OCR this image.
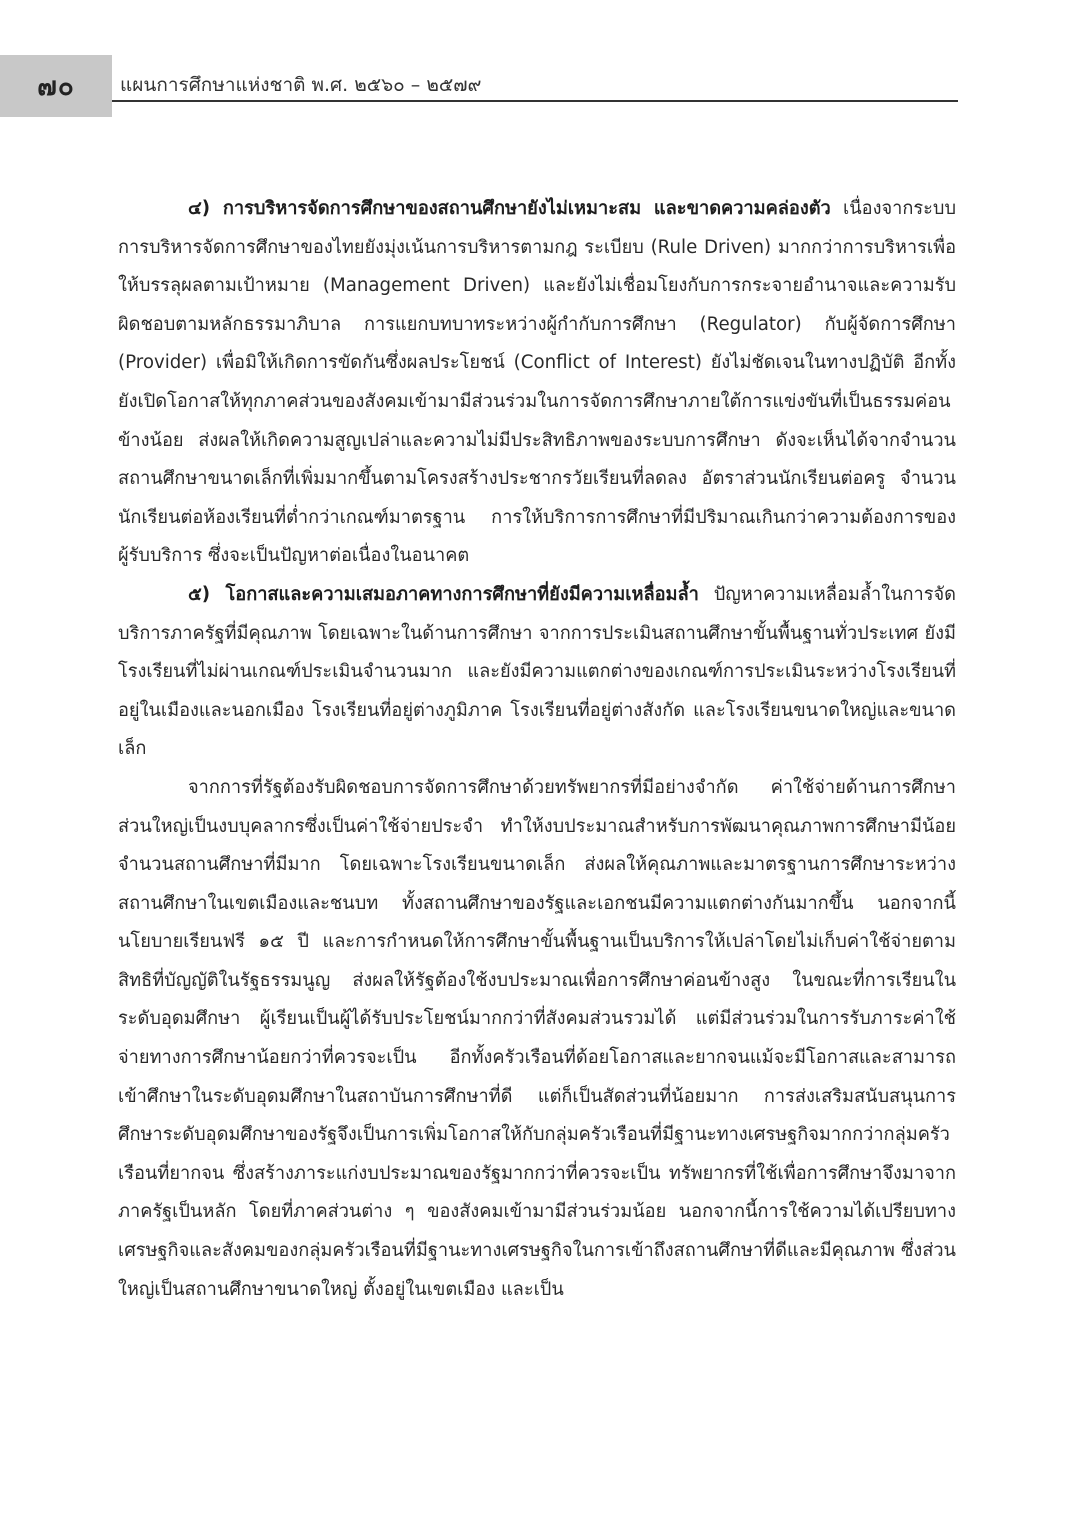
๗๐ แผนการศึกษาแห่งชาติ พ.ศ. ๒๕๖๐ – ๒๕๗๙

๔) การบริหารจัดการศึกษาของสถานศึกษายังไม่เหมาะสม และขาดความคล่องตัว เนื่องจากระบบการบริหารจัดการศึกษาของไทยยังมุ่งเน้นการบริหารตามกฎ ระเบียบ (Rule Driven) มากกว่าการบริหารเพื่อให้บรรลุผลตามเป้าหมาย (Management Driven) และยังไม่เชื่อมโยงกับการกระจายอำนาจและความรับผิดชอบตามหลักธรรมาภิบาล การแยกบทบาทระหว่างผู้กำกับการศึกษา (Regulator) กับผู้จัดการศึกษา (Provider) เพื่อมิให้เกิดการขัดกันซึ่งผลประโยชน์ (Conflict of Interest) ยังไม่ชัดเจนในทางปฏิบัติ อีกทั้งยังเปิดโอกาสให้ทุกภาคส่วนของสังคมเข้ามามีส่วนร่วมในการจัดการศึกษาภายใต้การแข่งขันที่เป็นธรรมค่อนข้างน้อย ส่งผลให้เกิดความสูญเปล่าและความไม่มีประสิทธิภาพของระบบการศึกษา ดังจะเห็นได้จากจำนวนสถานศึกษาขนาดเล็กที่เพิ่มมากขึ้นตามโครงสร้างประชากรวัยเรียนที่ลดลง อัตราส่วนนักเรียนต่อครู จำนวนนักเรียนต่อห้องเรียนที่ต่ำกว่าเกณฑ์มาตรฐาน การให้บริการการศึกษาที่มีปริมาณเกินกว่าความต้องการของผู้รับบริการ ซึ่งจะเป็นปัญหาต่อเนื่องในอนาคต

๕) โอกาสและความเสมอภาคทางการศึกษาที่ยังมีความเหลื่อมล้ำ ปัญหาความเหลื่อมล้ำในการจัดบริการภาครัฐที่มีคุณภาพ โดยเฉพาะในด้านการศึกษา จากการประเมินสถานศึกษาขั้นพื้นฐานทั่วประเทศ ยังมีโรงเรียนที่ไม่ผ่านเกณฑ์ประเมินจำนวนมาก และยังมีความแตกต่างของเกณฑ์การประเมินระหว่างโรงเรียนที่อยู่ในเมืองและนอกเมือง โรงเรียนที่อยู่ต่างภูมิภาค โรงเรียนที่อยู่ต่างสังกัด และโรงเรียนขนาดใหญ่และขนาดเล็ก

จากการที่รัฐต้องรับผิดชอบการจัดการศึกษาด้วยทรัพยากรที่มีอย่างจำกัด ค่าใช้จ่ายด้านการศึกษาส่วนใหญ่เป็นงบบุคลากรซึ่งเป็นค่าใช้จ่ายประจำ ทำให้งบประมาณสำหรับการพัฒนาคุณภาพการศึกษามีน้อย จำนวนสถานศึกษาที่มีมาก โดยเฉพาะโรงเรียนขนาดเล็ก ส่งผลให้คุณภาพและมาตรฐานการศึกษาระหว่างสถานศึกษาในเขตเมืองและชนบท ทั้งสถานศึกษาของรัฐและเอกชนมีความแตกต่างกันมากขึ้น นอกจากนี้ นโยบายเรียนฟรี ๑๕ ปี และการกำหนดให้การศึกษาขั้นพื้นฐานเป็นบริการให้เปล่าโดยไม่เก็บค่าใช้จ่ายตามสิทธิที่บัญญัติในรัฐธรรมนูญ ส่งผลให้รัฐต้องใช้งบประมาณเพื่อการศึกษาค่อนข้างสูง ในขณะที่การเรียนในระดับอุดมศึกษา ผู้เรียนเป็นผู้ได้รับประโยชน์มากกว่าที่สังคมส่วนรวมได้ แต่มีส่วนร่วมในการรับภาระค่าใช้จ่ายทางการศึกษาน้อยกว่าที่ควรจะเป็น อีกทั้งครัวเรือนที่ด้อยโอกาสและยากจนแม้จะมีโอกาสและสามารถเข้าศึกษาในระดับอุดมศึกษาในสถาบันการศึกษาที่ดี แต่ก็เป็นสัดส่วนที่น้อยมาก การส่งเสริมสนับสนุนการศึกษาระดับอุดมศึกษาของรัฐจึงเป็นการเพิ่มโอกาสให้กับกลุ่มครัวเรือนที่มีฐานะทางเศรษฐกิจมากกว่ากลุ่มครัวเรือนที่ยากจน ซึ่งสร้างภาระแก่งบประมาณของรัฐมากกว่าที่ควรจะเป็น ทรัพยากรที่ใช้เพื่อการศึกษาจึงมาจากภาครัฐเป็นหลัก โดยที่ภาคส่วนต่าง ๆ ของสังคมเข้ามามีส่วนร่วมน้อย นอกจากนี้การใช้ความได้เปรียบทางเศรษฐกิจและสังคมของกลุ่มครัวเรือนที่มีฐานะทางเศรษฐกิจในการเข้าถึงสถานศึกษาที่ดีและมีคุณภาพ ซึ่งส่วนใหญ่เป็นสถานศึกษาขนาดใหญ่ ตั้งอยู่ในเขตเมือง และเป็น
